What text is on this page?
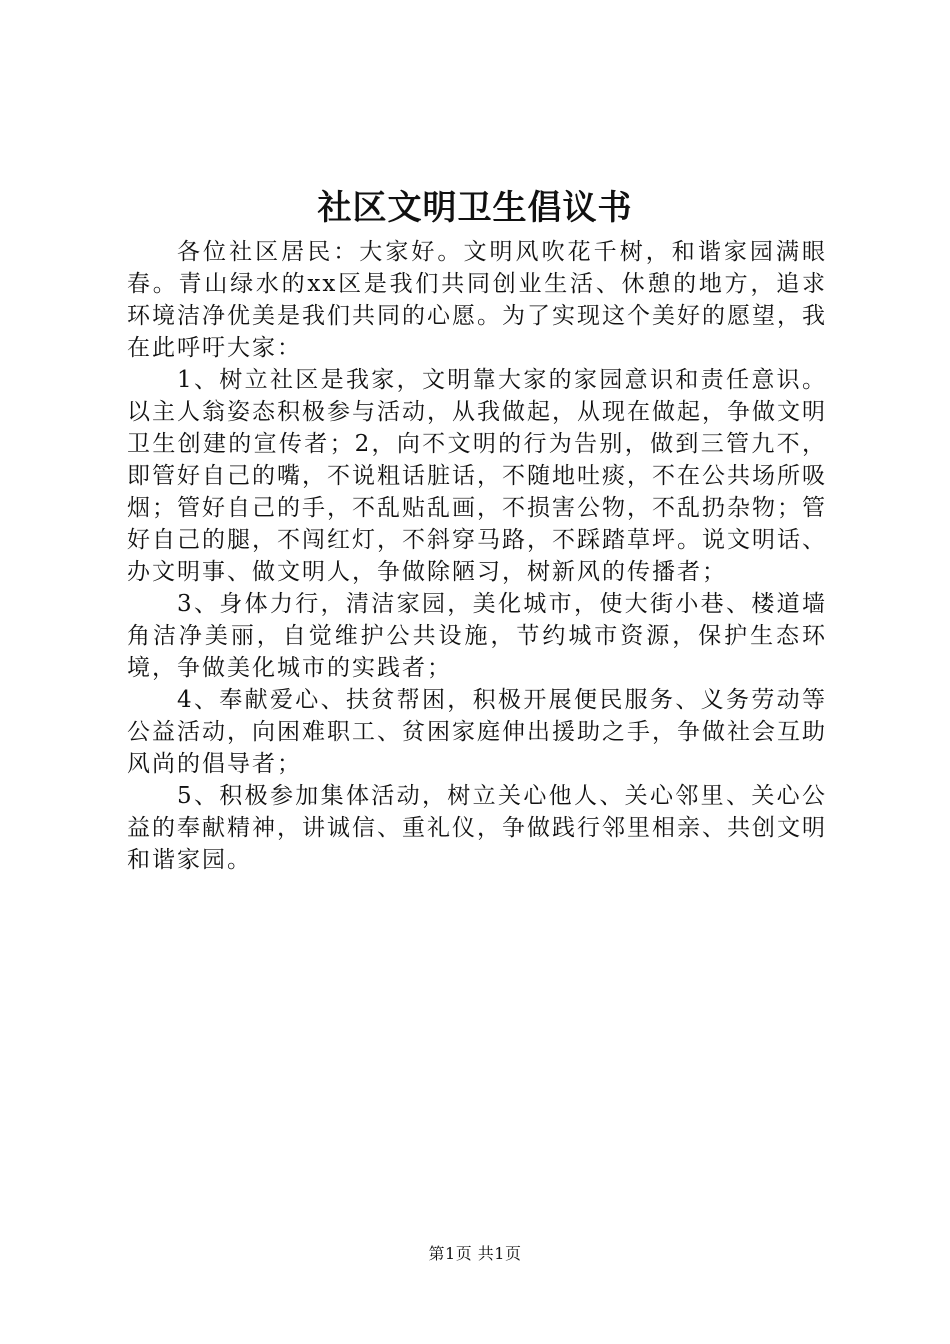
社区文明卫生倡议书

各位社区居民：大家好。文明风吹花千树，和谐家园满眼春。青山绿水的xx区是我们共同创业生活、休憩的地方，追求环境洁净优美是我们共同的心愿。为了实现这个美好的愿望，我在此呼吁大家：

1、树立社区是我家，文明靠大家的家园意识和责任意识。以主人翁姿态积极参与活动，从我做起，从现在做起，争做文明卫生创建的宣传者；2，向不文明的行为告别，做到三管九不，即管好自己的嘴，不说粗话脏话，不随地吐痰，不在公共场所吸烟；管好自己的手，不乱贴乱画，不损害公物，不乱扔杂物；管好自己的腿，不闯红灯，不斜穿马路，不踩踏草坪。说文明话、办文明事、做文明人，争做除陋习，树新风的传播者；

3、身体力行，清洁家园，美化城市，使大街小巷、楼道墙角洁净美丽，自觉维护公共设施，节约城市资源，保护生态环境，争做美化城市的实践者；

4、奉献爱心、扶贫帮困，积极开展便民服务、义务劳动等公益活动，向困难职工、贫困家庭伸出援助之手，争做社会互助风尚的倡导者；

5、积极参加集体活动，树立关心他人、关心邻里、关心公益的奉献精神，讲诚信、重礼仪，争做践行邻里相亲、共创文明和谐家园。

第1页 共1页
